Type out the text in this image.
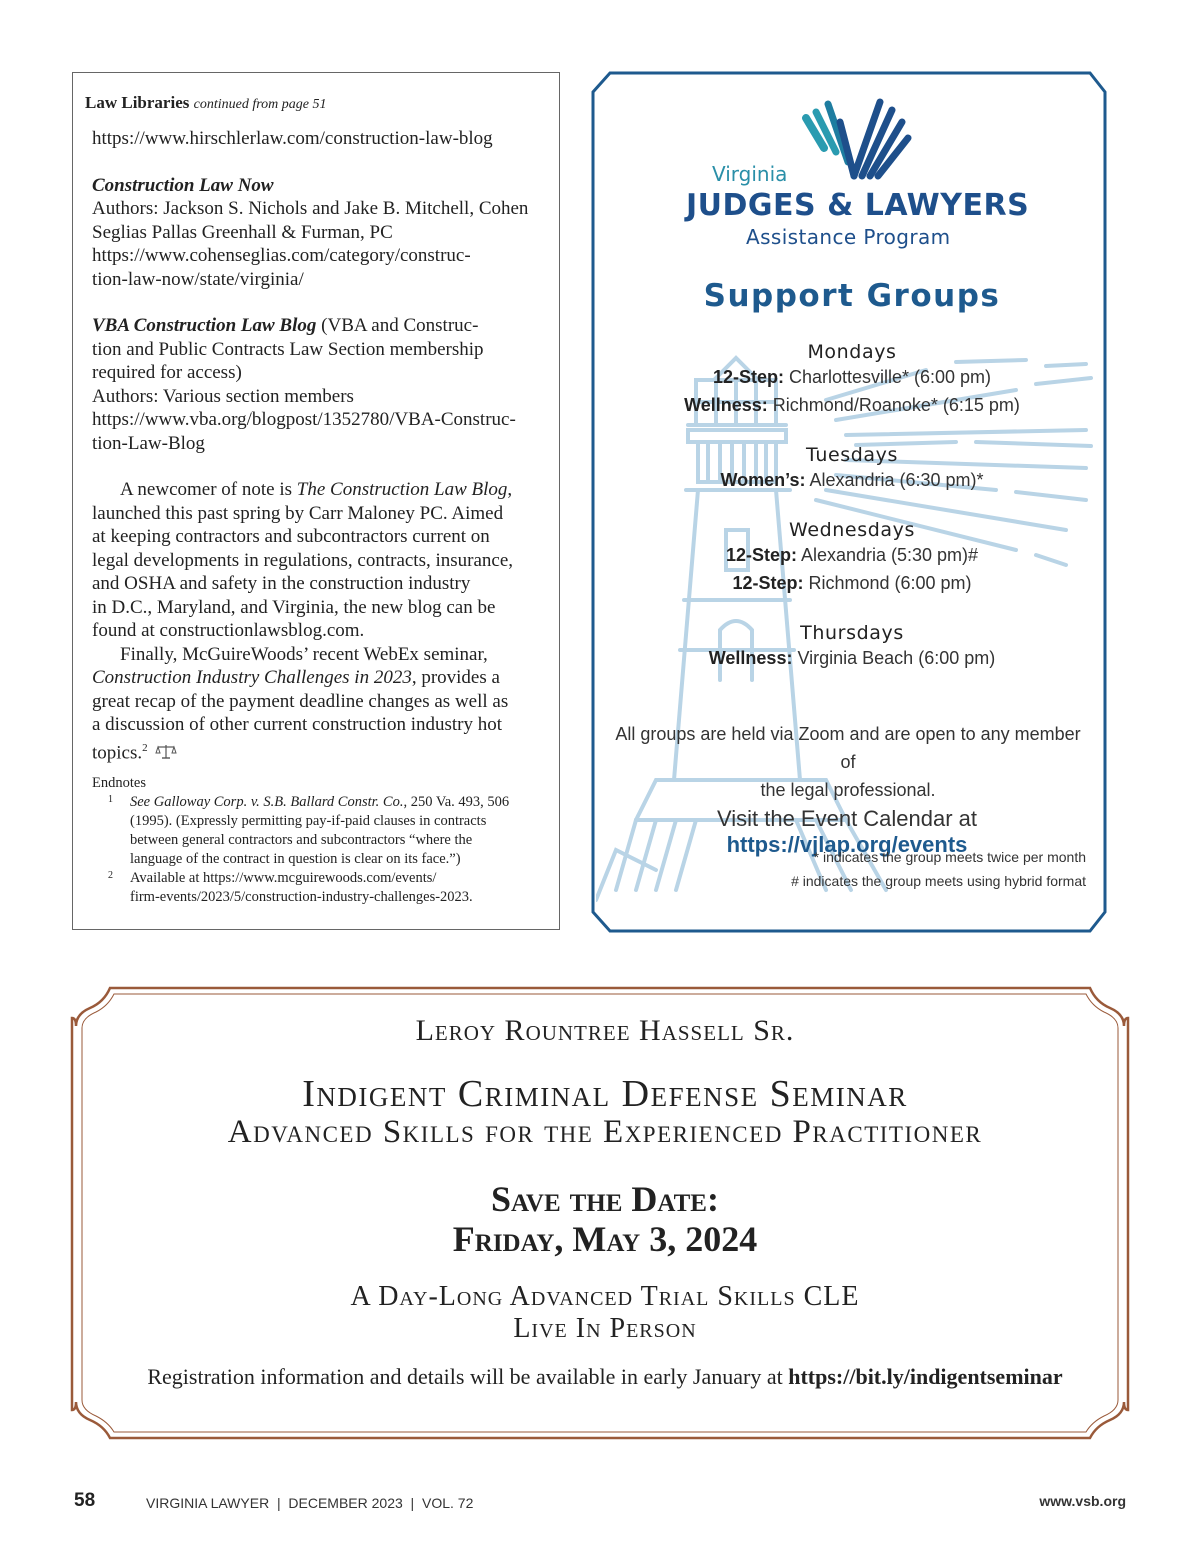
Law Libraries continued from page 51

https://www.hirschlerlaw.com/construction-law-blog

Construction Law Now

Authors: Jackson S. Nichols and Jake B. Mitchell, Cohen

Seglias Pallas Greenhall & Furman, PC

https://www.cohenseglias.com/category/construc-

tion-law-now/state/virginia/

VBA Construction Law Blog (VBA and Construc-

tion and Public Contracts Law Section membership

required for access)

Authors: Various section members

https://www.vba.org/blogpost/1352780/VBA-Construc-

tion-Law-Blog

A newcomer of note is The Construction Law Blog,

launched this past spring by Carr Maloney PC. Aimed

at keeping contractors and subcontractors current on

legal developments in regulations, contracts, insurance,

and OSHA and safety in the construction industry

in D.C., Maryland, and Virginia, the new blog can be

found at constructionlawsblog.com.

Finally, McGuireWoods’ recent WebEx seminar,

Construction Industry Challenges in 2023, provides a

great recap of the payment deadline changes as well as

a discussion of other current construction industry hot

topics.$^2$

Endnotes
1 See Galloway Corp. v. S.B. Ballard Constr. Co., 250 Va. 493, 506
(1995). (Expressly permitting pay-if-paid clauses in contracts
between general contractors and subcontractors “where the
language of the contract in question is clear on its face.”)
2 Available at https://www.mcguirewoods.com/events/
firm-events/2023/5/construction-industry-challenges-2023.
Virginia
JUDGES & LAWYERS
Assistance Program
Support Groups
Mondays
12-Step: Charlottesville* (6:00 pm)
Wellness: Richmond/Roanoke* (6:15 pm)
Tuesdays
Women’s: Alexandria (6:30 pm)*
Wednesdays
12-Step: Alexandria (5:30 pm)#
12-Step: Richmond (6:00 pm)
Thursdays
Wellness: Virginia Beach (6:00 pm)
All groups are held via Zoom and are open to any member of
the legal professional.
Visit the Event Calendar at https://vjlap.org/events
* indicates the group meets twice per month
# indicates the group meets using hybrid format
Leroy Rountree Hassell Sr.
Indigent Criminal Defense Seminar
Advanced Skills for the Experienced Practitioner
Save the Date:
Friday, May 3, 2024
A Day-Long Advanced Trial Skills CLE
Live In Person
Registration information and details will be available in early January at https://bit.ly/indigentseminar
58	VIRGINIA LAWYER  |  DECEMBER 2023  |  VOL. 72	www.vsb.org
